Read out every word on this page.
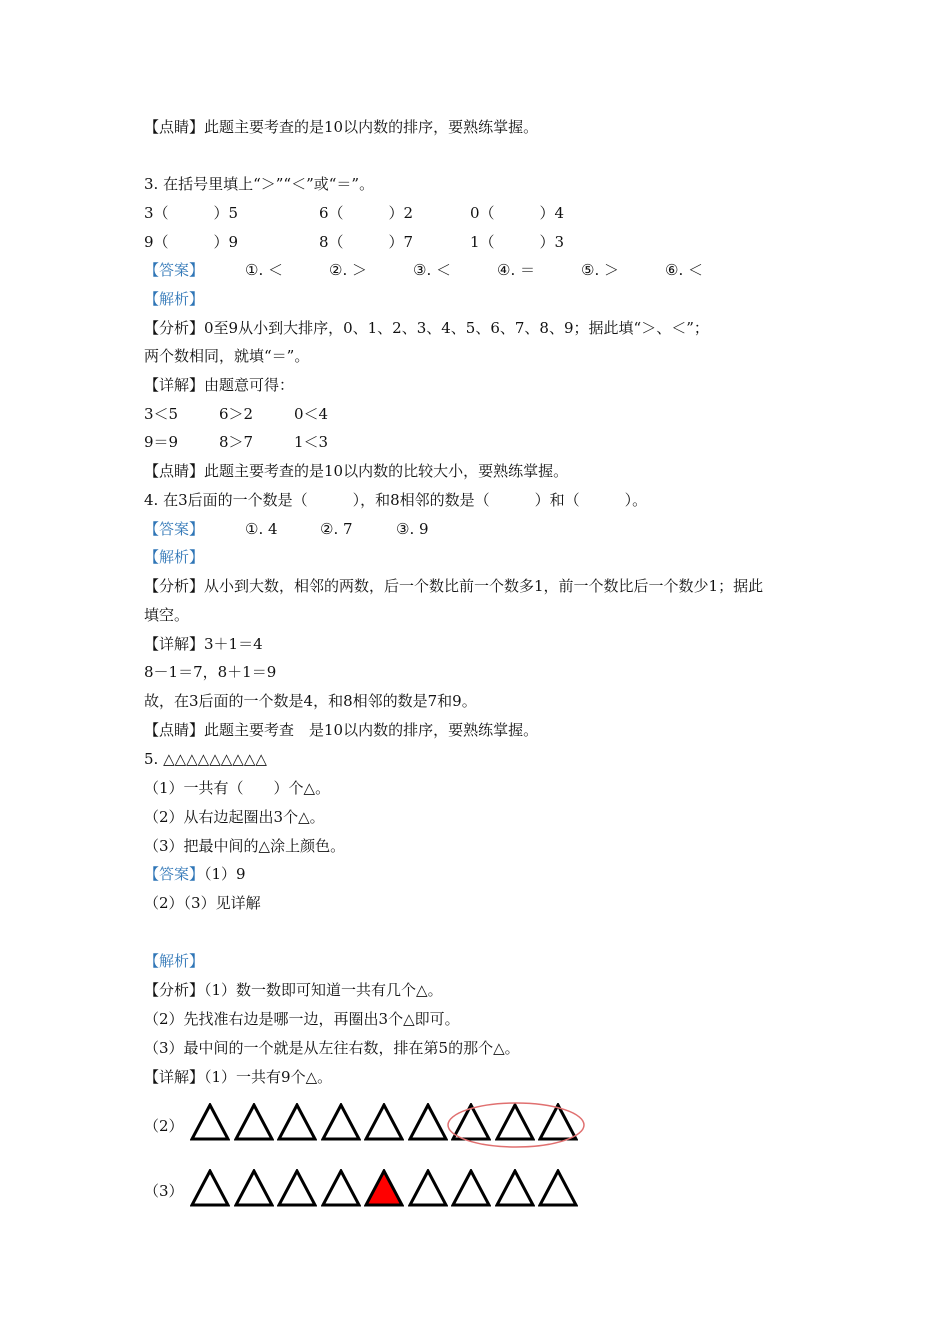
【点睛】此题主要考查的是10以内数的排序，要熟练掌握。
3. 在括号里填上“＞”“＜”或“＝”。
3（　　　）5	6（　　　）2	0（　　　）4
9（　　　）9	8（　　　）7	1（　　　）3
【答案】	①. ＜	②. ＞	③. ＜	④. ＝	⑤. ＞	⑥. ＜
【解析】
【分析】0至9从小到大排序，0、1、2、3、4、5、6、7、8、9；据此填“＞、＜”；
两个数相同，就填“＝”。
【详解】由题意可得：
3＜5	6＞2	0＜4
9＝9	8＞7	1＜3
【点睛】此题主要考查的是10以内数的比较大小，要熟练掌握。
4. 在3后面的一个数是（　　　），和8相邻的数是（　　　）和（　　　）。
【答案】	①. 4	②. 7	③. 9
【解析】
【分析】从小到大数，相邻的两数，后一个数比前一个数多1，前一个数比后一个数少1；据此
填空。
【详解】3＋1＝4
8－1＝7，8＋1＝9
故，在3后面的一个数是4，和8相邻的数是7和9。
【点睛】此题主要考查　是10以内数的排序，要熟练掌握。
5. △△△△△△△△△
（1）一共有（　　）个△。
（2）从右边起圈出3个△。
（3）把最中间的△涂上颜色。
【答案】（1）9
（2）（3）见详解
【解析】
【分析】（1）数一数即可知道一共有几个△。
（2）先找准右边是哪一边，再圈出3个△即可。
（3）最中间的一个就是从左往右数，排在第5的那个△。
【详解】（1）一共有9个△。
（2）
（3）
